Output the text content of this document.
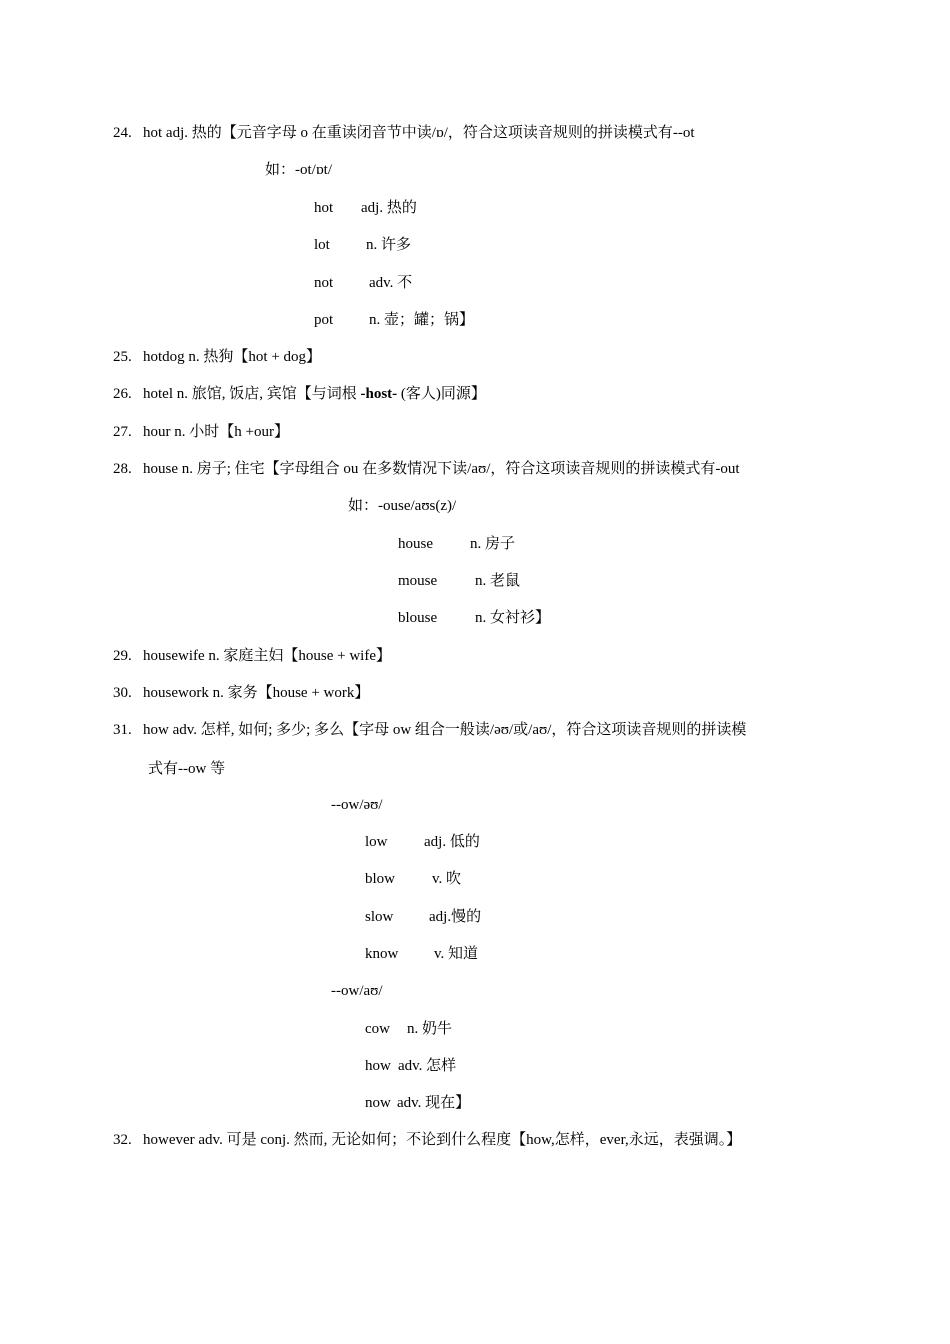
24. hot adj. 热的【元音字母 o 在重读闭音节中读/ɒ/，符合这项读音规则的拼读模式有--ot
如：-ot/ɒt/
hot adj. 热的
lot n. 许多
not adv. 不
pot n. 壶；罐；锅】
25. hotdog n. 热狗【hot + dog】
26. hotel n. 旅馆, 饭店, 宾馆【与词根 -host- (客人)同源】
27. hour n. 小时【h +our】
28. house n. 房子; 住宅【字母组合 ou 在多数情况下读/aʊ/，符合这项读音规则的拼读模式有-out
如：-ouse/aʊs(z)/
house n. 房子
mouse	n. 老鼠
blouse	n. 女衬衫】
29. housewife n. 家庭主妇【house + wife】
30. housework n. 家务【house + work】
31. how adv. 怎样, 如何; 多少; 多么【字母 ow 组合一般读/əʊ/或/aʊ/，符合这项读音规则的拼读模
式有--ow 等
--ow/əʊ/
low adj. 低的
blow v. 吹
slow adj.慢的
know v. 知道
--ow/aʊ/
cow n. 奶牛
how adv. 怎样
now adv. 现在】
32. however adv. 可是 conj. 然而, 无论如何；不论到什么程度【how,怎样，ever,永远，表强调。】
